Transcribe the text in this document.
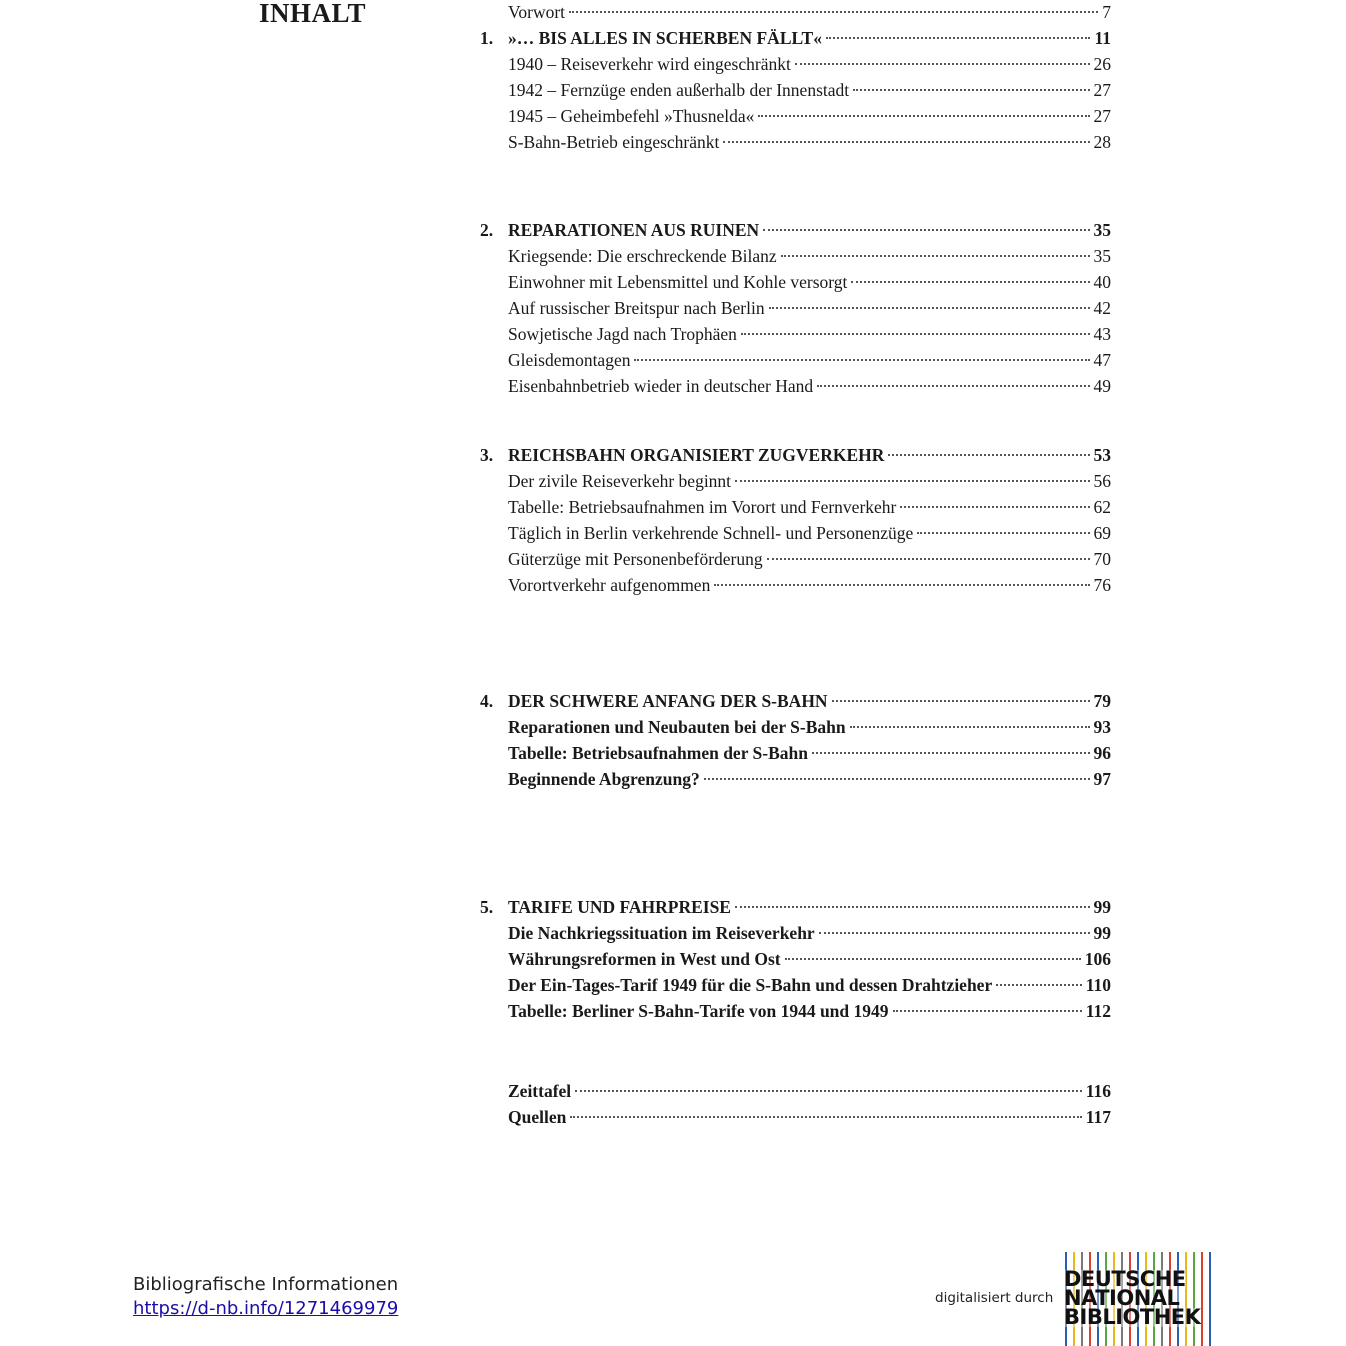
INHALT	Vorwort	7
1. »… BIS ALLES IN SCHERBEN FÄLLT«	11
1940 – Reiseverkehr wird eingeschränkt	26
1942 – Fernzüge enden außerhalb der Innenstadt	27
1945 – Geheimbefehl »Thusnelda«	27
S-Bahn-Betrieb eingeschränkt	28
2. REPARATIONEN AUS RUINEN	35
Kriegsende: Die erschreckende Bilanz	35
Einwohner mit Lebensmittel und Kohle versorgt	40
Auf russischer Breitspur nach Berlin	42
Sowjetische Jagd nach Trophäen	43
Gleisdemontagen	47
Eisenbahnbetrieb wieder in deutscher Hand	49
3. REICHSBAHN ORGANISIERT ZUGVERKEHR	53
Der zivile Reiseverkehr beginnt	56
Tabelle: Betriebsaufnahmen im Vorort und Fernverkehr	62
Täglich in Berlin verkehrende Schnell- und Personenzüge	69
Güterzüge mit Personenbeförderung	70
Vorortverkehr aufgenommen	76
4. DER SCHWERE ANFANG DER S-BAHN	79
Reparationen und Neubauten bei der S-Bahn	93
Tabelle: Betriebsaufnahmen der S-Bahn	96
Beginnende Abgrenzung?	97
5. TARIFE UND FAHRPREISE	99
Die Nachkriegssituation im Reiseverkehr	99
Währungsreformen in West und Ost	106
Der Ein-Tages-Tarif 1949 für die S-Bahn und dessen Drahtzieher	110
Tabelle: Berliner S-Bahn-Tarife von 1944 und 1949	112
Zeittafel	116
Quellen	117
Bibliografische Informationen
https://d-nb.info/1271469979	digitalisiert durch
DEUTSCHE
NATIONAL
BIBLIOTHEK
